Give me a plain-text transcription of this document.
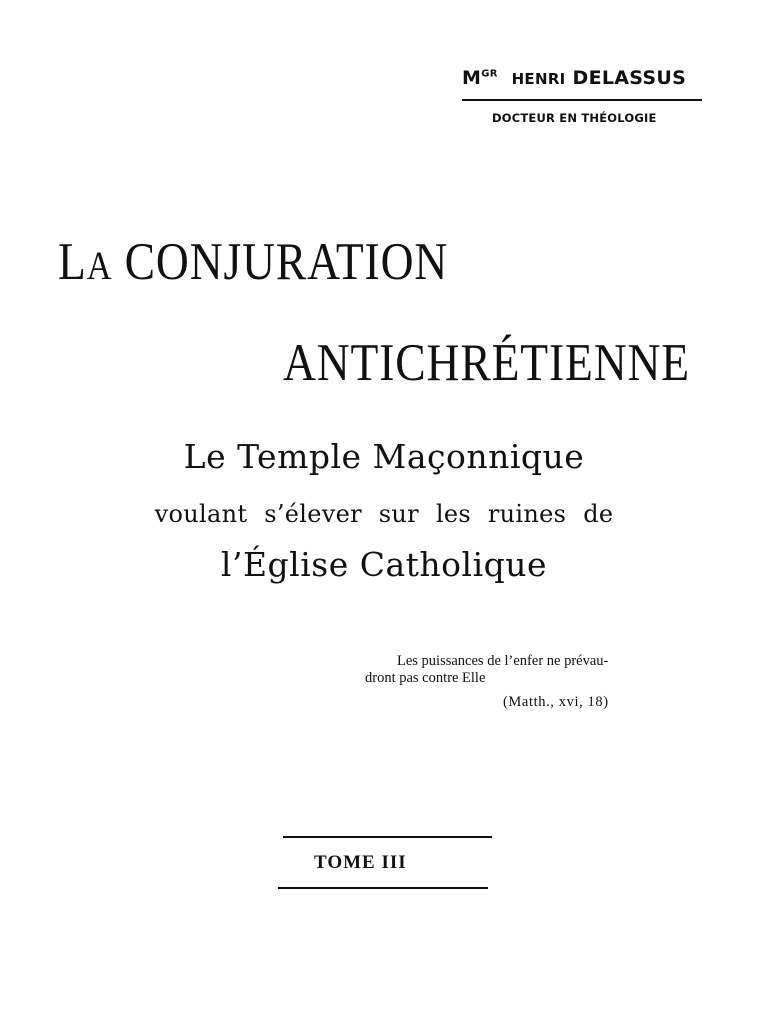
$M^{GR}$ HENRI DELASSUS
DOCTEUR EN THÉOLOGIE
LA CONJURATION
ANTICHRÉTIENNE
Le Temple Maçonnique
voulant s’élever sur les ruines de
l’Église Catholique
Les puissances de l’enfer ne prévau-
dront pas contre Elle
(Matth., xvi, 18)
TOME III
